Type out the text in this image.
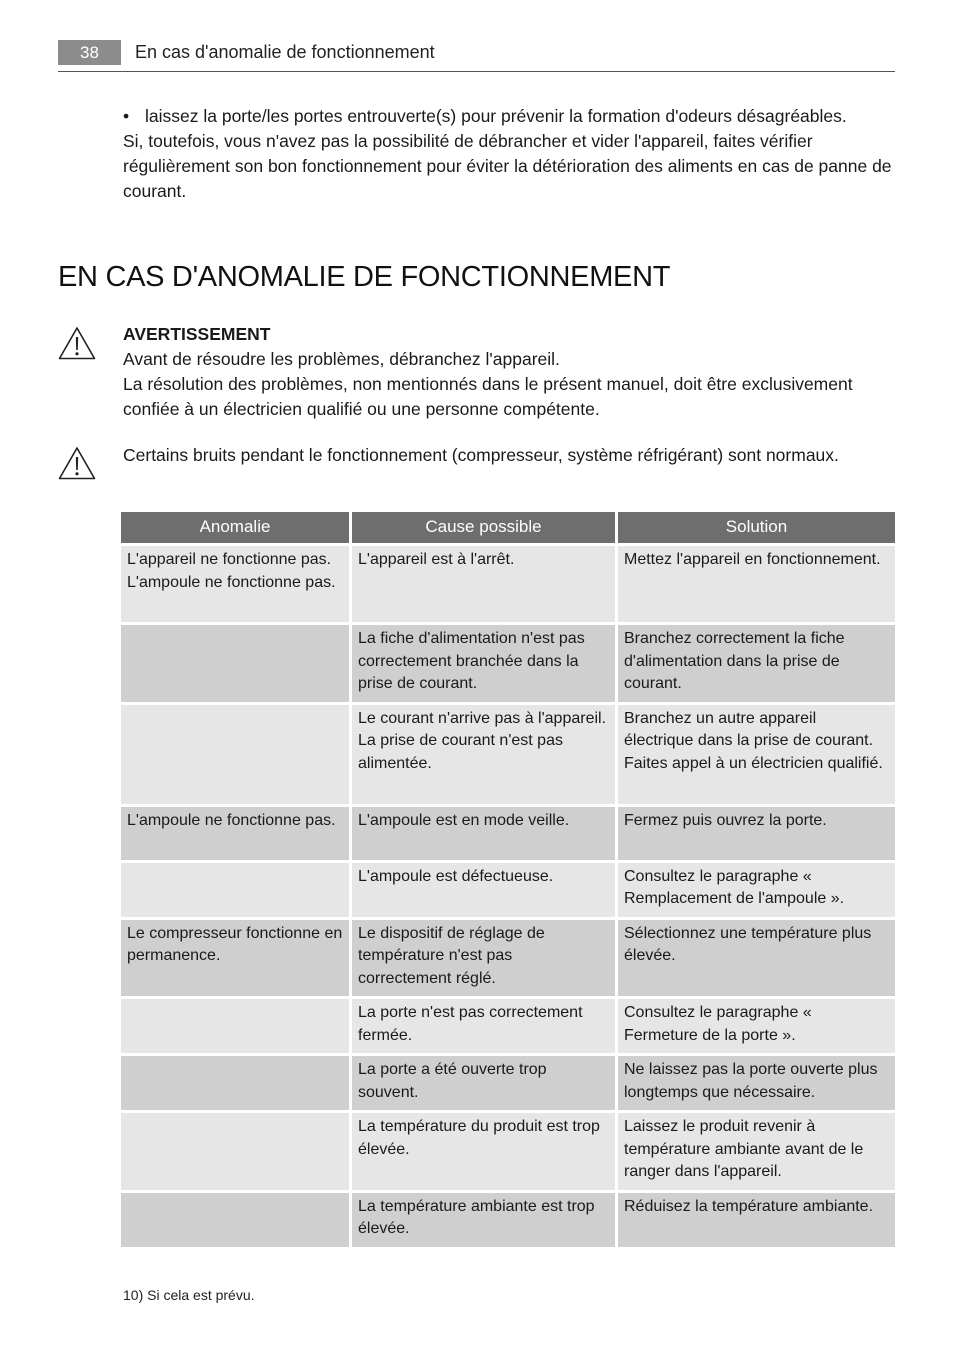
38	En cas d'anomalie de fonctionnement
• laissez la porte/les portes entrouverte(s) pour prévenir la formation d'odeurs désagréables.

Si, toutefois, vous n'avez pas la possibilité de débrancher et vider l'appareil, faites vérifier régulièrement son bon fonctionnement pour éviter la détérioration des aliments en cas de panne de courant.

EN CAS D'ANOMALIE DE FONCTIONNEMENT

AVERTISSEMENT

Avant de résoudre les problèmes, débranchez l'appareil.

La résolution des problèmes, non mentionnés dans le présent manuel, doit être exclusivement confiée à un électricien qualifié ou une personne compétente.

Certains bruits pendant le fonctionnement (compresseur, système réfrigérant) sont normaux.

Anomalie	Cause possible	Solution
L'appareil ne fonctionne pas. L'ampoule ne fonctionne pas.	L'appareil est à l'arrêt.	Mettez l'appareil en fonctionnement.
	La fiche d'alimentation n'est pas correctement branchée dans la prise de courant.	Branchez correctement la fiche d'alimentation dans la prise de courant.
	Le courant n'arrive pas à l'appareil. La prise de courant n'est pas alimentée.	Branchez un autre appareil électrique dans la prise de courant. Faites appel à un électricien qualifié.
L'ampoule ne fonctionne pas.	L'ampoule est en mode veille.	Fermez puis ouvrez la porte.
	L'ampoule est défectueuse.	Consultez le paragraphe « Remplacement de l'ampoule ».
Le compresseur fonctionne en permanence.	Le dispositif de réglage de température n'est pas correctement réglé.	Sélectionnez une température plus élevée.
	La porte n'est pas correctement fermée.	Consultez le paragraphe « Fermeture de la porte ».
	La porte a été ouverte trop souvent.	Ne laissez pas la porte ouverte plus longtemps que nécessaire.
	La température du produit est trop élevée.	Laissez le produit revenir à température ambiante avant de le ranger dans l'appareil.
	La température ambiante est trop élevée.	Réduisez la température ambiante.
10) Si cela est prévu.
